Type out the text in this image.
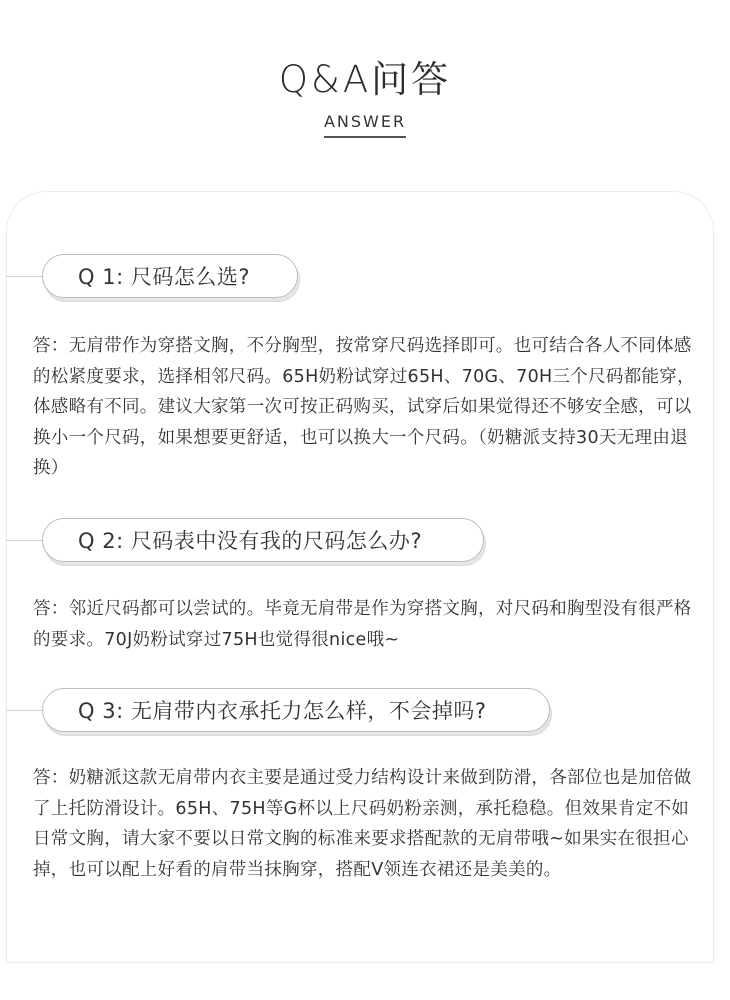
Q&A问答
ANSWER
Q 1: 尺码怎么选?
答：无肩带作为穿搭文胸，不分胸型，按常穿尺码选择即可。也可结合各人不同体感的松紧度要求，选择相邻尺码。65H奶粉试穿过65H、70G、70H三个尺码都能穿，体感略有不同。建议大家第一次可按正码购买，试穿后如果觉得还不够安全感，可以换小一个尺码，如果想要更舒适，也可以换大一个尺码。（奶糖派支持30天无理由退换）
Q 2: 尺码表中没有我的尺码怎么办?
答：邻近尺码都可以尝试的。毕竟无肩带是作为穿搭文胸，对尺码和胸型没有很严格的要求。70J奶粉试穿过75H也觉得很nice哦~
Q 3: 无肩带内衣承托力怎么样，不会掉吗?
答：奶糖派这款无肩带内衣主要是通过受力结构设计来做到防滑，各部位也是加倍做了上托防滑设计。65H、75H等G杯以上尺码奶粉亲测，承托稳稳。但效果肯定不如日常文胸，请大家不要以日常文胸的标准来要求搭配款的无肩带哦~如果实在很担心掉，也可以配上好看的肩带当抹胸穿，搭配V领连衣裙还是美美的。
